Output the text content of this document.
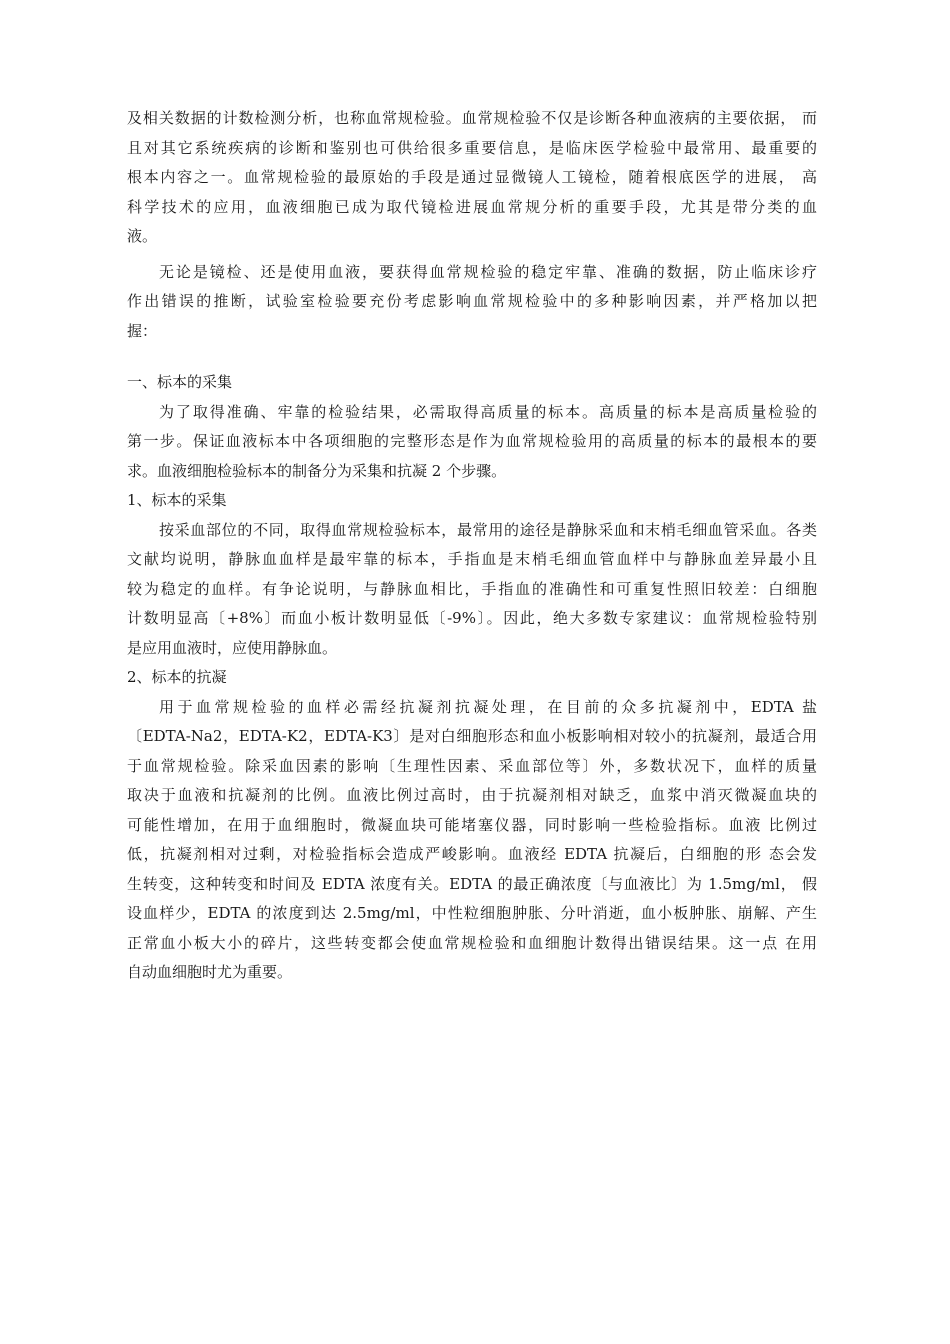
及相关数据的计数检测分析，也称血常规检验。血常规检验不仅是诊断各种血液病的主要依据， 而
且对其它系统疾病的诊断和鉴别也可供给很多重要信息，是临床医学检验中最常用、最重要的
根本内容之一。血常规检验的最原始的手段是通过显微镜人工镜检，随着根底医学的进展， 高
科学技术的应用，血液细胞已成为取代镜检进展血常规分析的重要手段，尤其是带分类的血
液。
无论是镜检、还是使用血液，要获得血常规检验的稳定牢靠、准确的数据，防止临床诊疗
作出错误的推断，试验室检验要充份考虑影响血常规检验中的多种影响因素，并严格加以把
握：
一、标本的采集
为了取得准确、牢靠的检验结果，必需取得高质量的标本。高质量的标本是高质量检验的
第一步。保证血液标本中各项细胞的完整形态是作为血常规检验用的高质量的标本的最根本的要
求。血液细胞检验标本的制备分为采集和抗凝 2 个步骤。
1、标本的采集
按采血部位的不同，取得血常规检验标本，最常用的途径是静脉采血和末梢毛细血管采血。各类
文献均说明，静脉血血样是最牢靠的标本，手指血是末梢毛细血管血样中与静脉血差异最小且
较为稳定的血样。有争论说明，与静脉血相比，手指血的准确性和可重复性照旧较差：白细胞
计数明显高〔+8%〕而血小板计数明显低〔-9%〕。因此，绝大多数专家建议：血常规检验特别
是应用血液时，应使用静脉血。
2、标本的抗凝
用于血常规检验的血样必需经抗凝剂抗凝处理，在目前的众多抗凝剂中，EDTA 盐
〔EDTA-Na2，EDTA-K2，EDTA-K3〕是对白细胞形态和血小板影响相对较小的抗凝剂，最适合用
于血常规检验。除采血因素的影响〔生理性因素、采血部位等〕外，多数状况下，血样的质量
取决于血液和抗凝剂的比例。血液比例过高时，由于抗凝剂相对缺乏，血浆中消灭微凝血块的
可能性增加，在用于血细胞时，微凝血块可能堵塞仪器，同时影响一些检验指标。血液 比例过
低，抗凝剂相对过剩，对检验指标会造成严峻影响。血液经 EDTA 抗凝后，白细胞的形 态会发
生转变，这种转变和时间及 EDTA 浓度有关。EDTA 的最正确浓度〔与血液比〕为 1.5mg/ml， 假
设血样少，EDTA 的浓度到达 2.5mg/ml，中性粒细胞肿胀、分叶消逝，血小板肿胀、崩解、产生
正常血小板大小的碎片，这些转变都会使血常规检验和血细胞计数得出错误结果。这一点 在用
自动血细胞时尤为重要。
